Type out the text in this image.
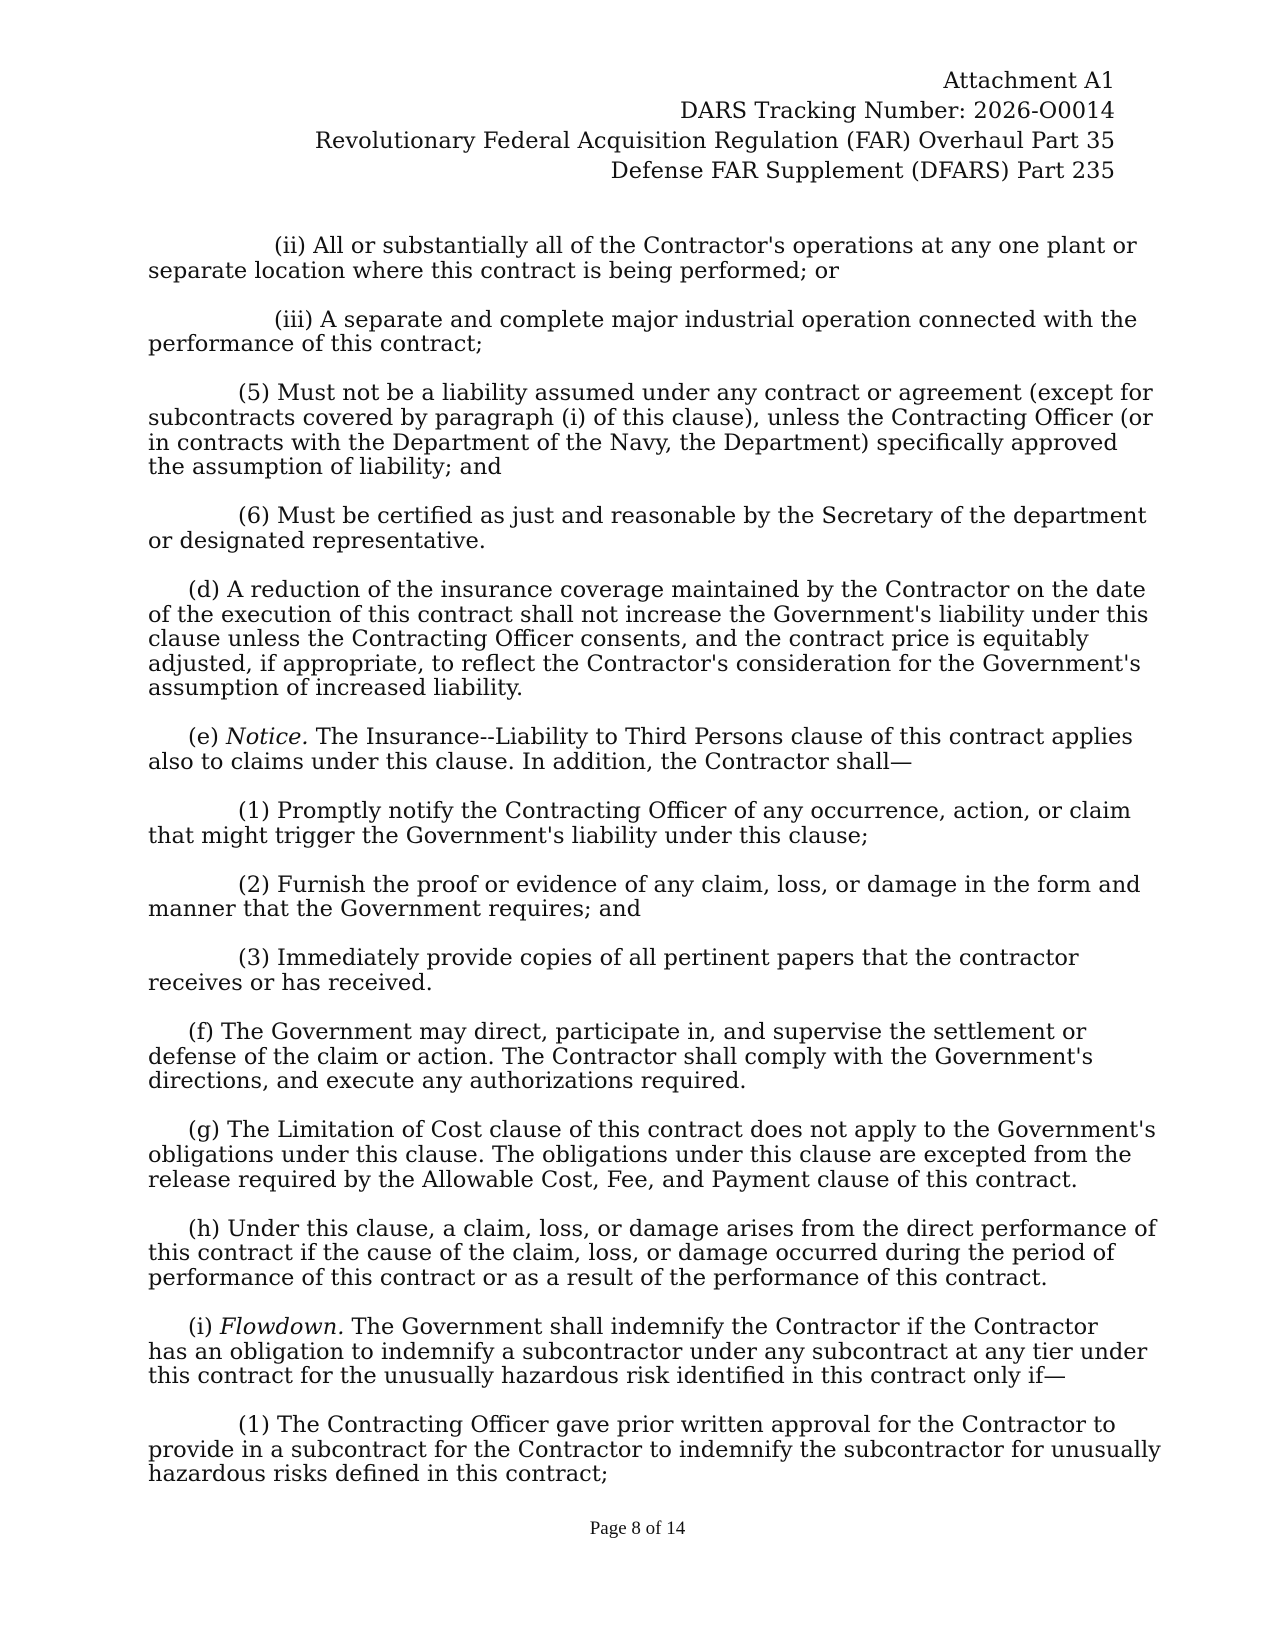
Attachment A1
DARS Tracking Number: 2026-O0014
Revolutionary Federal Acquisition Regulation (FAR) Overhaul Part 35
Defense FAR Supplement (DFARS) Part 235
(ii) All or substantially all of the Contractor's operations at any one plant or
separate location where this contract is being performed; or
(iii) A separate and complete major industrial operation connected with the
performance of this contract;
(5) Must not be a liability assumed under any contract or agreement (except for
subcontracts covered by paragraph (i) of this clause), unless the Contracting Officer (or
in contracts with the Department of the Navy, the Department) specifically approved
the assumption of liability; and
(6) Must be certified as just and reasonable by the Secretary of the department
or designated representative.
(d) A reduction of the insurance coverage maintained by the Contractor on the date
of the execution of this contract shall not increase the Government's liability under this
clause unless the Contracting Officer consents, and the contract price is equitably
adjusted, if appropriate, to reflect the Contractor's consideration for the Government's
assumption of increased liability.
(e) Notice. The Insurance--Liability to Third Persons clause of this contract applies
also to claims under this clause. In addition, the Contractor shall—
(1) Promptly notify the Contracting Officer of any occurrence, action, or claim
that might trigger the Government's liability under this clause;
(2) Furnish the proof or evidence of any claim, loss, or damage in the form and
manner that the Government requires; and
(3) Immediately provide copies of all pertinent papers that the contractor
receives or has received.
(f) The Government may direct, participate in, and supervise the settlement or
defense of the claim or action. The Contractor shall comply with the Government's
directions, and execute any authorizations required.
(g) The Limitation of Cost clause of this contract does not apply to the Government's
obligations under this clause. The obligations under this clause are excepted from the
release required by the Allowable Cost, Fee, and Payment clause of this contract.
(h) Under this clause, a claim, loss, or damage arises from the direct performance of
this contract if the cause of the claim, loss, or damage occurred during the period of
performance of this contract or as a result of the performance of this contract.
(i) Flowdown. The Government shall indemnify the Contractor if the Contractor
has an obligation to indemnify a subcontractor under any subcontract at any tier under
this contract for the unusually hazardous risk identified in this contract only if—
(1) The Contracting Officer gave prior written approval for the Contractor to
provide in a subcontract for the Contractor to indemnify the subcontractor for unusually
hazardous risks defined in this contract;
Page 8 of 14
